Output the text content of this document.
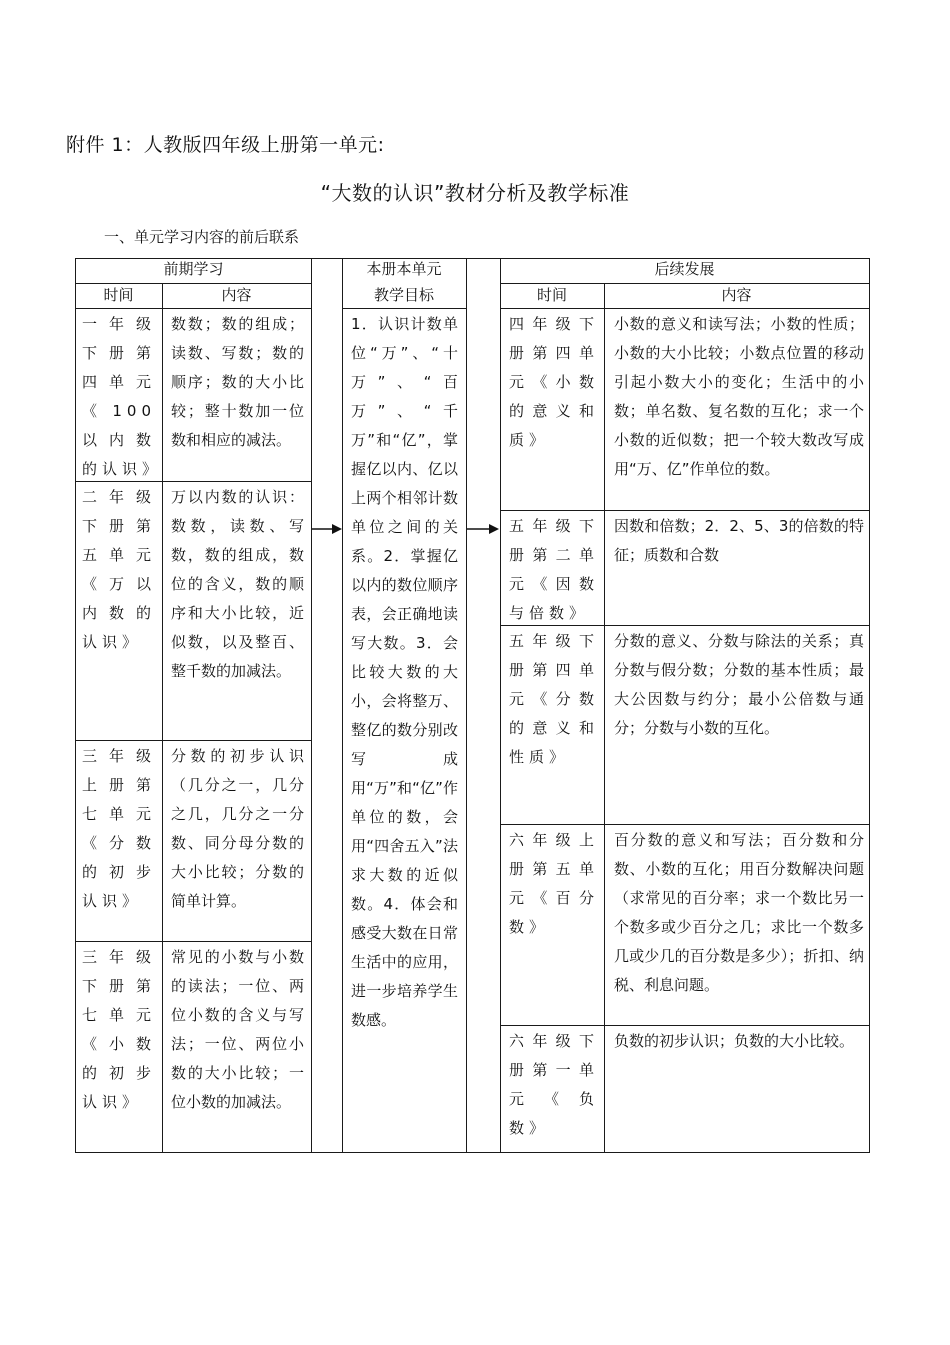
附件 1：人教版四年级上册第一单元:
“大数的认识”教材分析及教学标准
一、单元学习内容的前后联系
前期学习
时间	内容
本册本单元
教学目标
后续发展
时间	内容
一年级下册第四单元《100以内数的认识》
二年级下册第五单元《万以内数的认识》
三年级上册第七单元《分数的初步认识》
三年级下册第七单元《小数的初步认识》
数数；数的组成；读数、写数；数的顺序；数的大小比较；整十数加一位数和相应的减法。
万以内数的认识：数数，读数、写数，数的组成，数位的含义，数的顺序和大小比较，近似数，以及整百、整千数的加减法。
分数的初步认识（几分之一，几分之几，几分之一分数、同分母分数的大小比较；分数的简单计算。
常见的小数与小数的读法；一位、两位小数的含义与写法；一位、两位小数的大小比较；一位小数的加减法。
1．认识计数单位“万”、“十万”、“百万”、“千万”和“亿”，掌握亿以内、亿以上两个相邻计数单位之间的关系。2．掌握亿以内的数位顺序表，会正确地读写大数。3．会比较大数的大小，会将整万、整亿的数分别改写成用“万”和“亿”作单位的数，会用“四舍五入”法求大数的近似数。4．体会和感受大数在日常生活中的应用，进一步培养学生数感。
四年级下册第四单元《小数的意义和质》
五年级下册第二单元《因数与倍数》
五年级下册第四单元《分数的意义和性质》
六年级上册第五单元《百分数》
六年级下册第一单元《负数》
小数的意义和读写法；小数的性质；小数的大小比较；小数点位置的移动引起小数大小的变化；生活中的小数；单名数、复名数的互化；求一个小数的近似数；把一个较大数改写成用“万、亿”作单位的数。
因数和倍数；2．2、5、3的倍数的特征；质数和合数
分数的意义、分数与除法的关系；真分数与假分数；分数的基本性质；最大公因数与约分；最小公倍数与通分；分数与小数的互化。
百分数的意义和写法；百分数和分数、小数的互化；用百分数解决问题（求常见的百分率；求一个数比另一个数多或少百分之几；求比一个数多几或少几的百分数是多少）；折扣、纳税、利息问题。
负数的初步认识；负数的大小比较。
